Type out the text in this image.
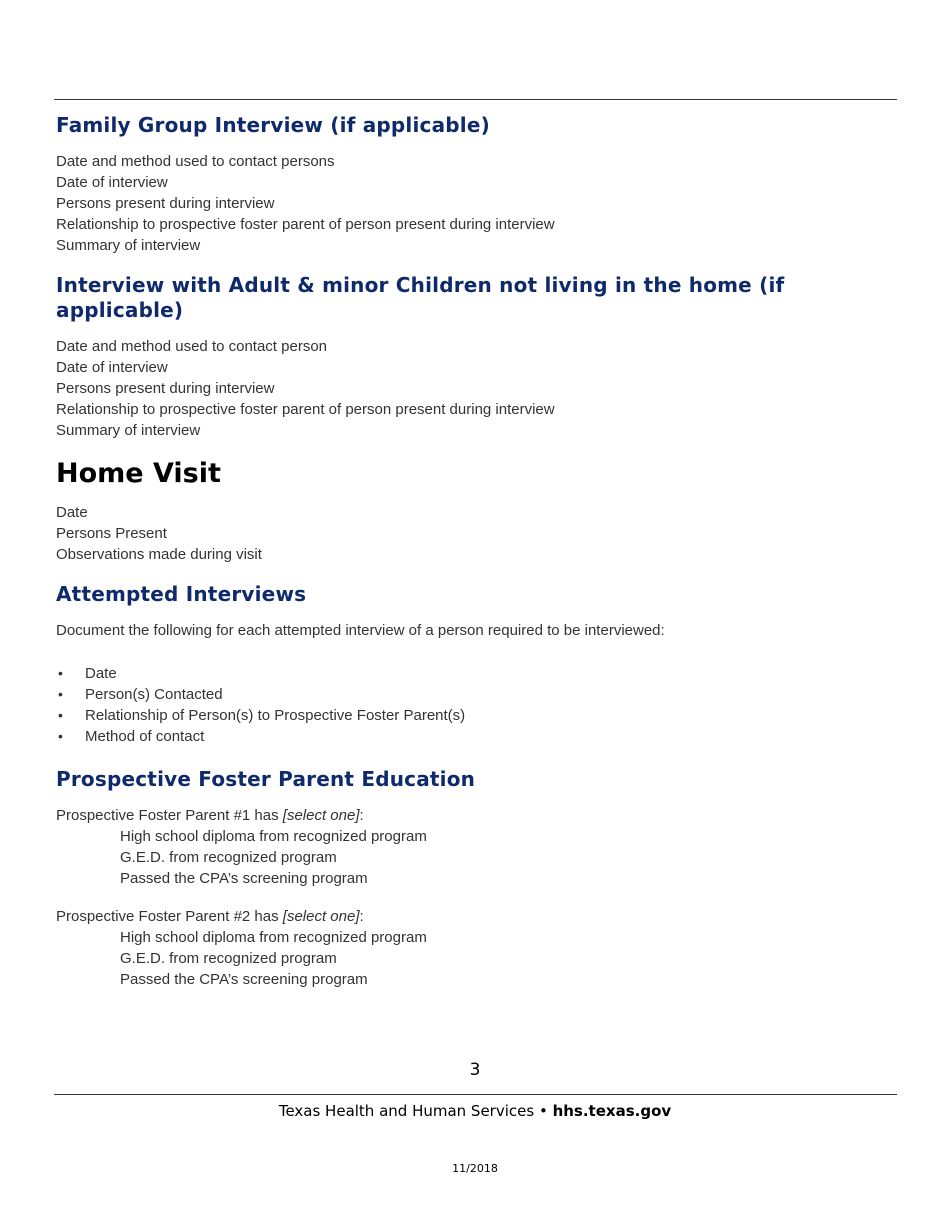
Family Group Interview (if applicable)
Date and method used to contact persons
Date of interview
Persons present during interview
Relationship to prospective foster parent of person present during interview
Summary of interview
Interview with Adult & minor Children not living in the home (if
applicable)
Date and method used to contact person
Date of interview
Persons present during interview
Relationship to prospective foster parent of person present during interview
Summary of interview
Home Visit
Date
Persons Present
Observations made during visit
Attempted Interviews
Document the following for each attempted interview of a person required to be interviewed:
• Date
• Person(s) Contacted
• Relationship of Person(s) to Prospective Foster Parent(s)
• Method of contact
Prospective Foster Parent Education
Prospective Foster Parent #1 has [select one]:
High school diploma from recognized program
G.E.D. from recognized program
Passed the CPA’s screening program
Prospective Foster Parent #2 has [select one]:
High school diploma from recognized program
G.E.D. from recognized program
Passed the CPA’s screening program
3
Texas Health and Human Services • hhs.texas.gov
11/2018
